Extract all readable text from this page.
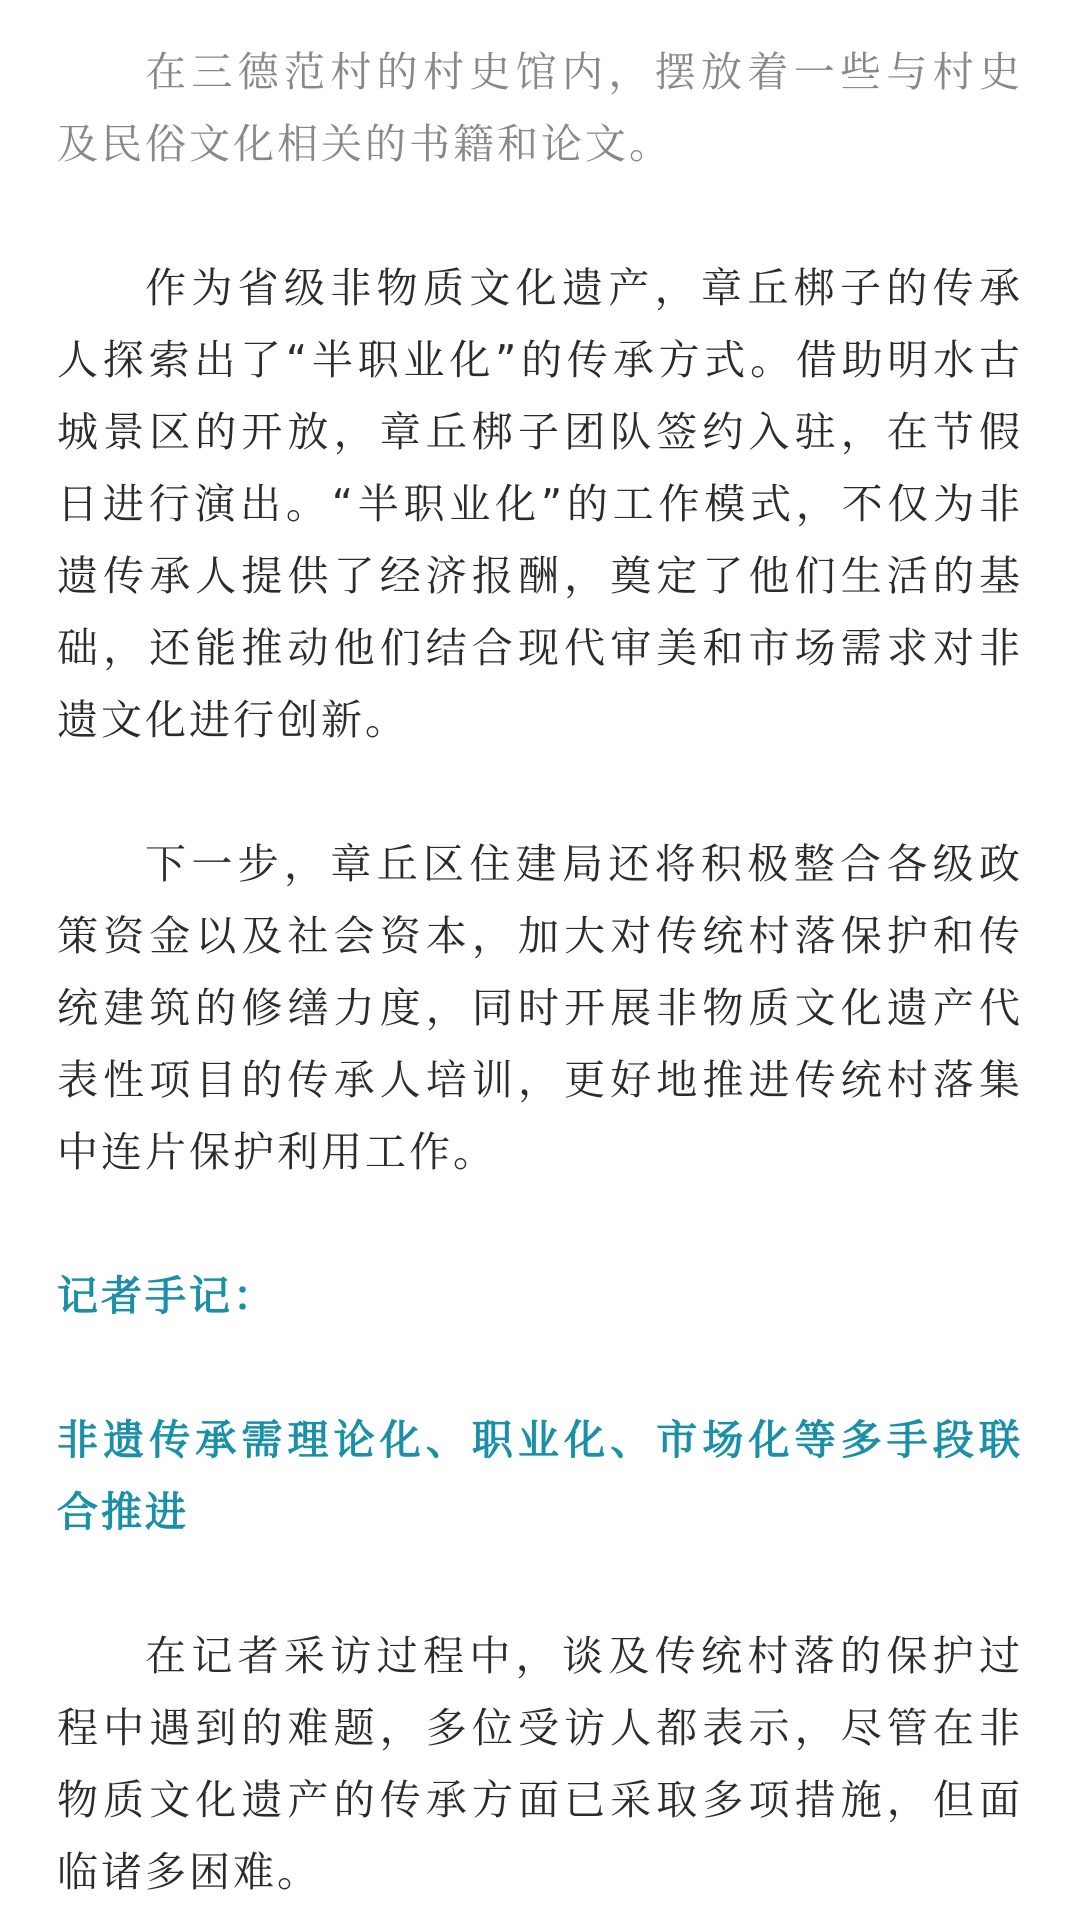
在三德范村的村史馆内，摆放着一些与村史及民俗文化相关的书籍和论文。

作为省级非物质文化遗产，章丘梆子的传承人探索出了“半职业化”的传承方式。借助明水古城景区的开放，章丘梆子团队签约入驻，在节假日进行演出。“半职业化”的工作模式，不仅为非遗传承人提供了经济报酬，奠定了他们生活的基础，还能推动他们结合现代审美和市场需求对非遗文化进行创新。

下一步，章丘区住建局还将积极整合各级政策资金以及社会资本，加大对传统村落保护和传统建筑的修缮力度，同时开展非物质文化遗产代表性项目的传承人培训，更好地推进传统村落集中连片保护利用工作。

记者手记：
非遗传承需理论化、职业化、市场化等多手段联合推进

在记者采访过程中，谈及传统村落的保护过程中遇到的难题，多位受访人都表示，尽管在非物质文化遗产的传承方面已采取多项措施，但面临诸多困难。
